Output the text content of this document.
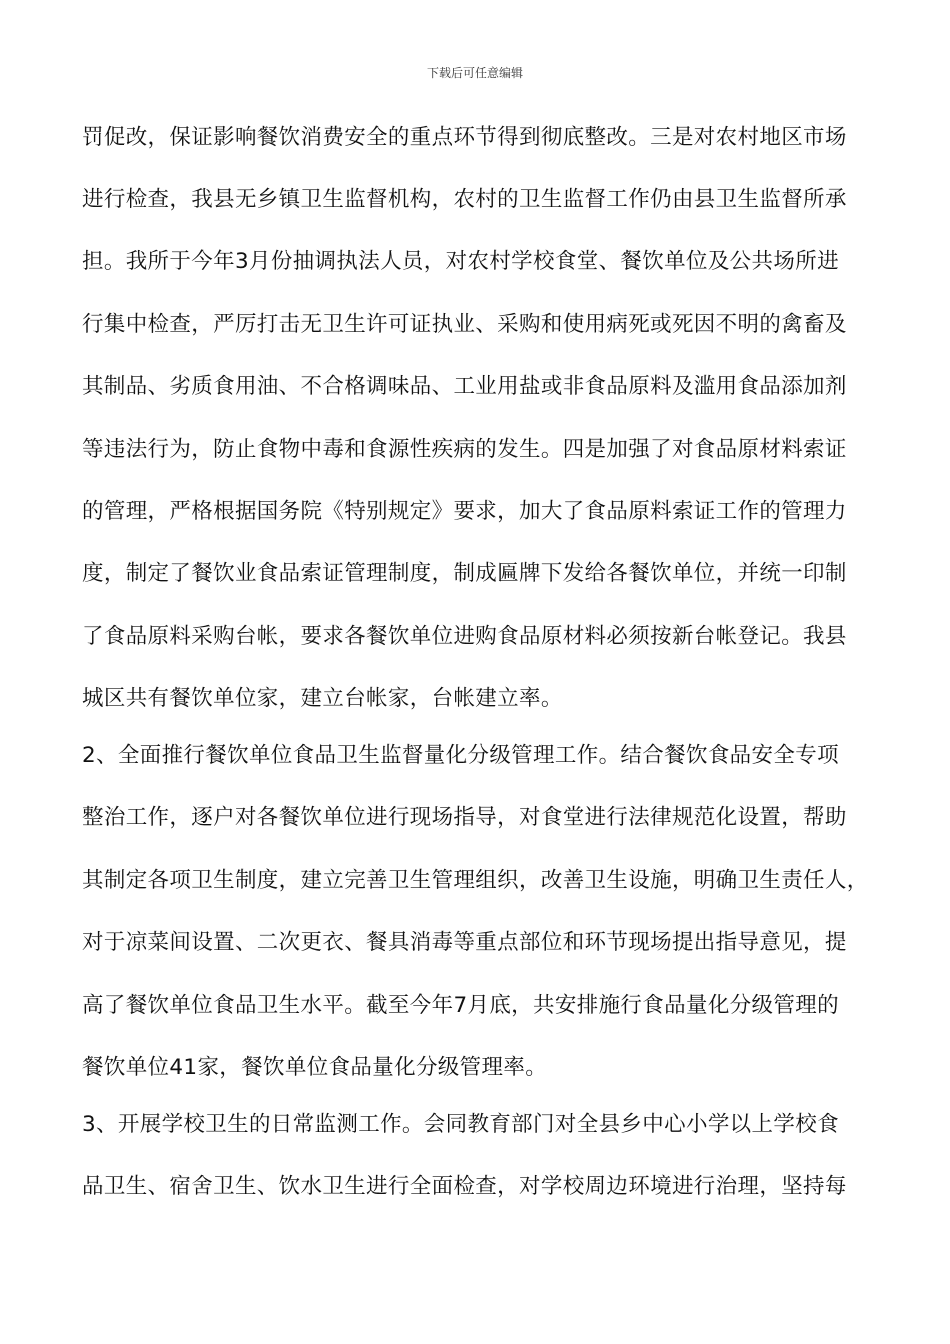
下载后可任意编辑
罚促改，保证影响餐饮消费安全的重点环节得到彻底整改。三是对农村地区市场
进行检查，我县无乡镇卫生监督机构，农村的卫生监督工作仍由县卫生监督所承
担。我所于今年3月份抽调执法人员，对农村学校食堂、餐饮单位及公共场所进
行集中检查，严厉打击无卫生许可证执业、采购和使用病死或死因不明的禽畜及
其制品、劣质食用油、不合格调味品、工业用盐或非食品原料及滥用食品添加剂
等违法行为，防止食物中毒和食源性疾病的发生。四是加强了对食品原材料索证
的管理，严格根据国务院《特别规定》要求，加大了食品原料索证工作的管理力
度，制定了餐饮业食品索证管理制度，制成匾牌下发给各餐饮单位，并统一印制
了食品原料采购台帐，要求各餐饮单位进购食品原材料必须按新台帐登记。我县
城区共有餐饮单位家，建立台帐家，台帐建立率。
2、全面推行餐饮单位食品卫生监督量化分级管理工作。结合餐饮食品安全专项
整治工作，逐户对各餐饮单位进行现场指导，对食堂进行法律规范化设置，帮助
其制定各项卫生制度，建立完善卫生管理组织，改善卫生设施，明确卫生责任人，
对于凉菜间设置、二次更衣、餐具消毒等重点部位和环节现场提出指导意见，提
高了餐饮单位食品卫生水平。截至今年7月底，共安排施行食品量化分级管理的
餐饮单位41家，餐饮单位食品量化分级管理率。
3、开展学校卫生的日常监测工作。会同教育部门对全县乡中心小学以上学校食
品卫生、宿舍卫生、饮水卫生进行全面检查，对学校周边环境进行治理，坚持每
